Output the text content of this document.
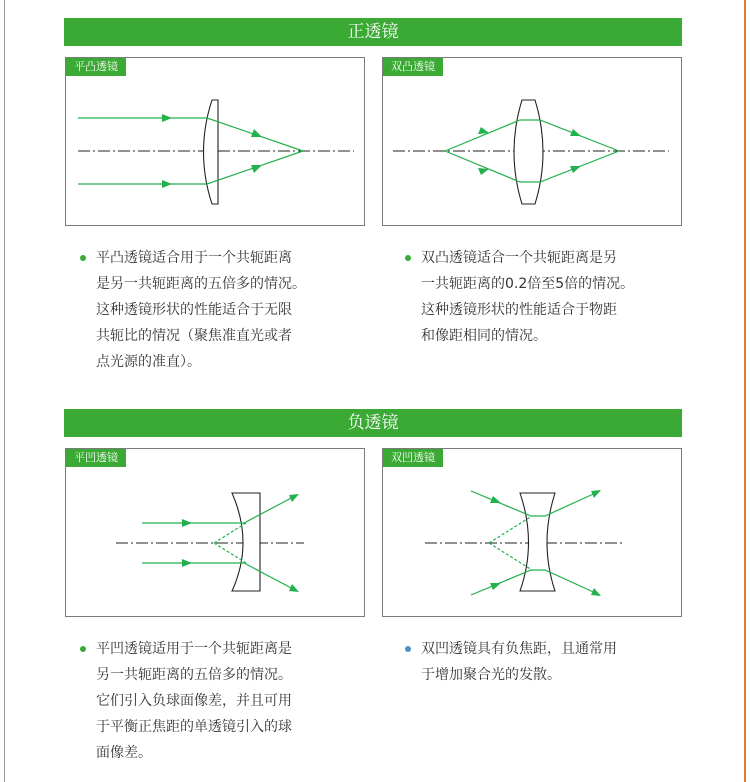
正透镜
平凸透镜	双凸透镜
平凸透镜适合用于一个共轭距离
是另一共轭距离的五倍多的情况。
这种透镜形状的性能适合于无限
共轭比的情况（聚焦准直光或者
点光源的准直）。
双凸透镜适合一个共轭距离是另
一共轭距离的0.2倍至5倍的情况。
这种透镜形状的性能适合于物距
和像距相同的情况。
负透镜
平凹透镜	双凹透镜
平凹透镜适用于一个共轭距离是
另一共轭距离的五倍多的情况。
它们引入负球面像差，并且可用
于平衡正焦距的单透镜引入的球
面像差。
双凹透镜具有负焦距，且通常用
于增加聚合光的发散。
